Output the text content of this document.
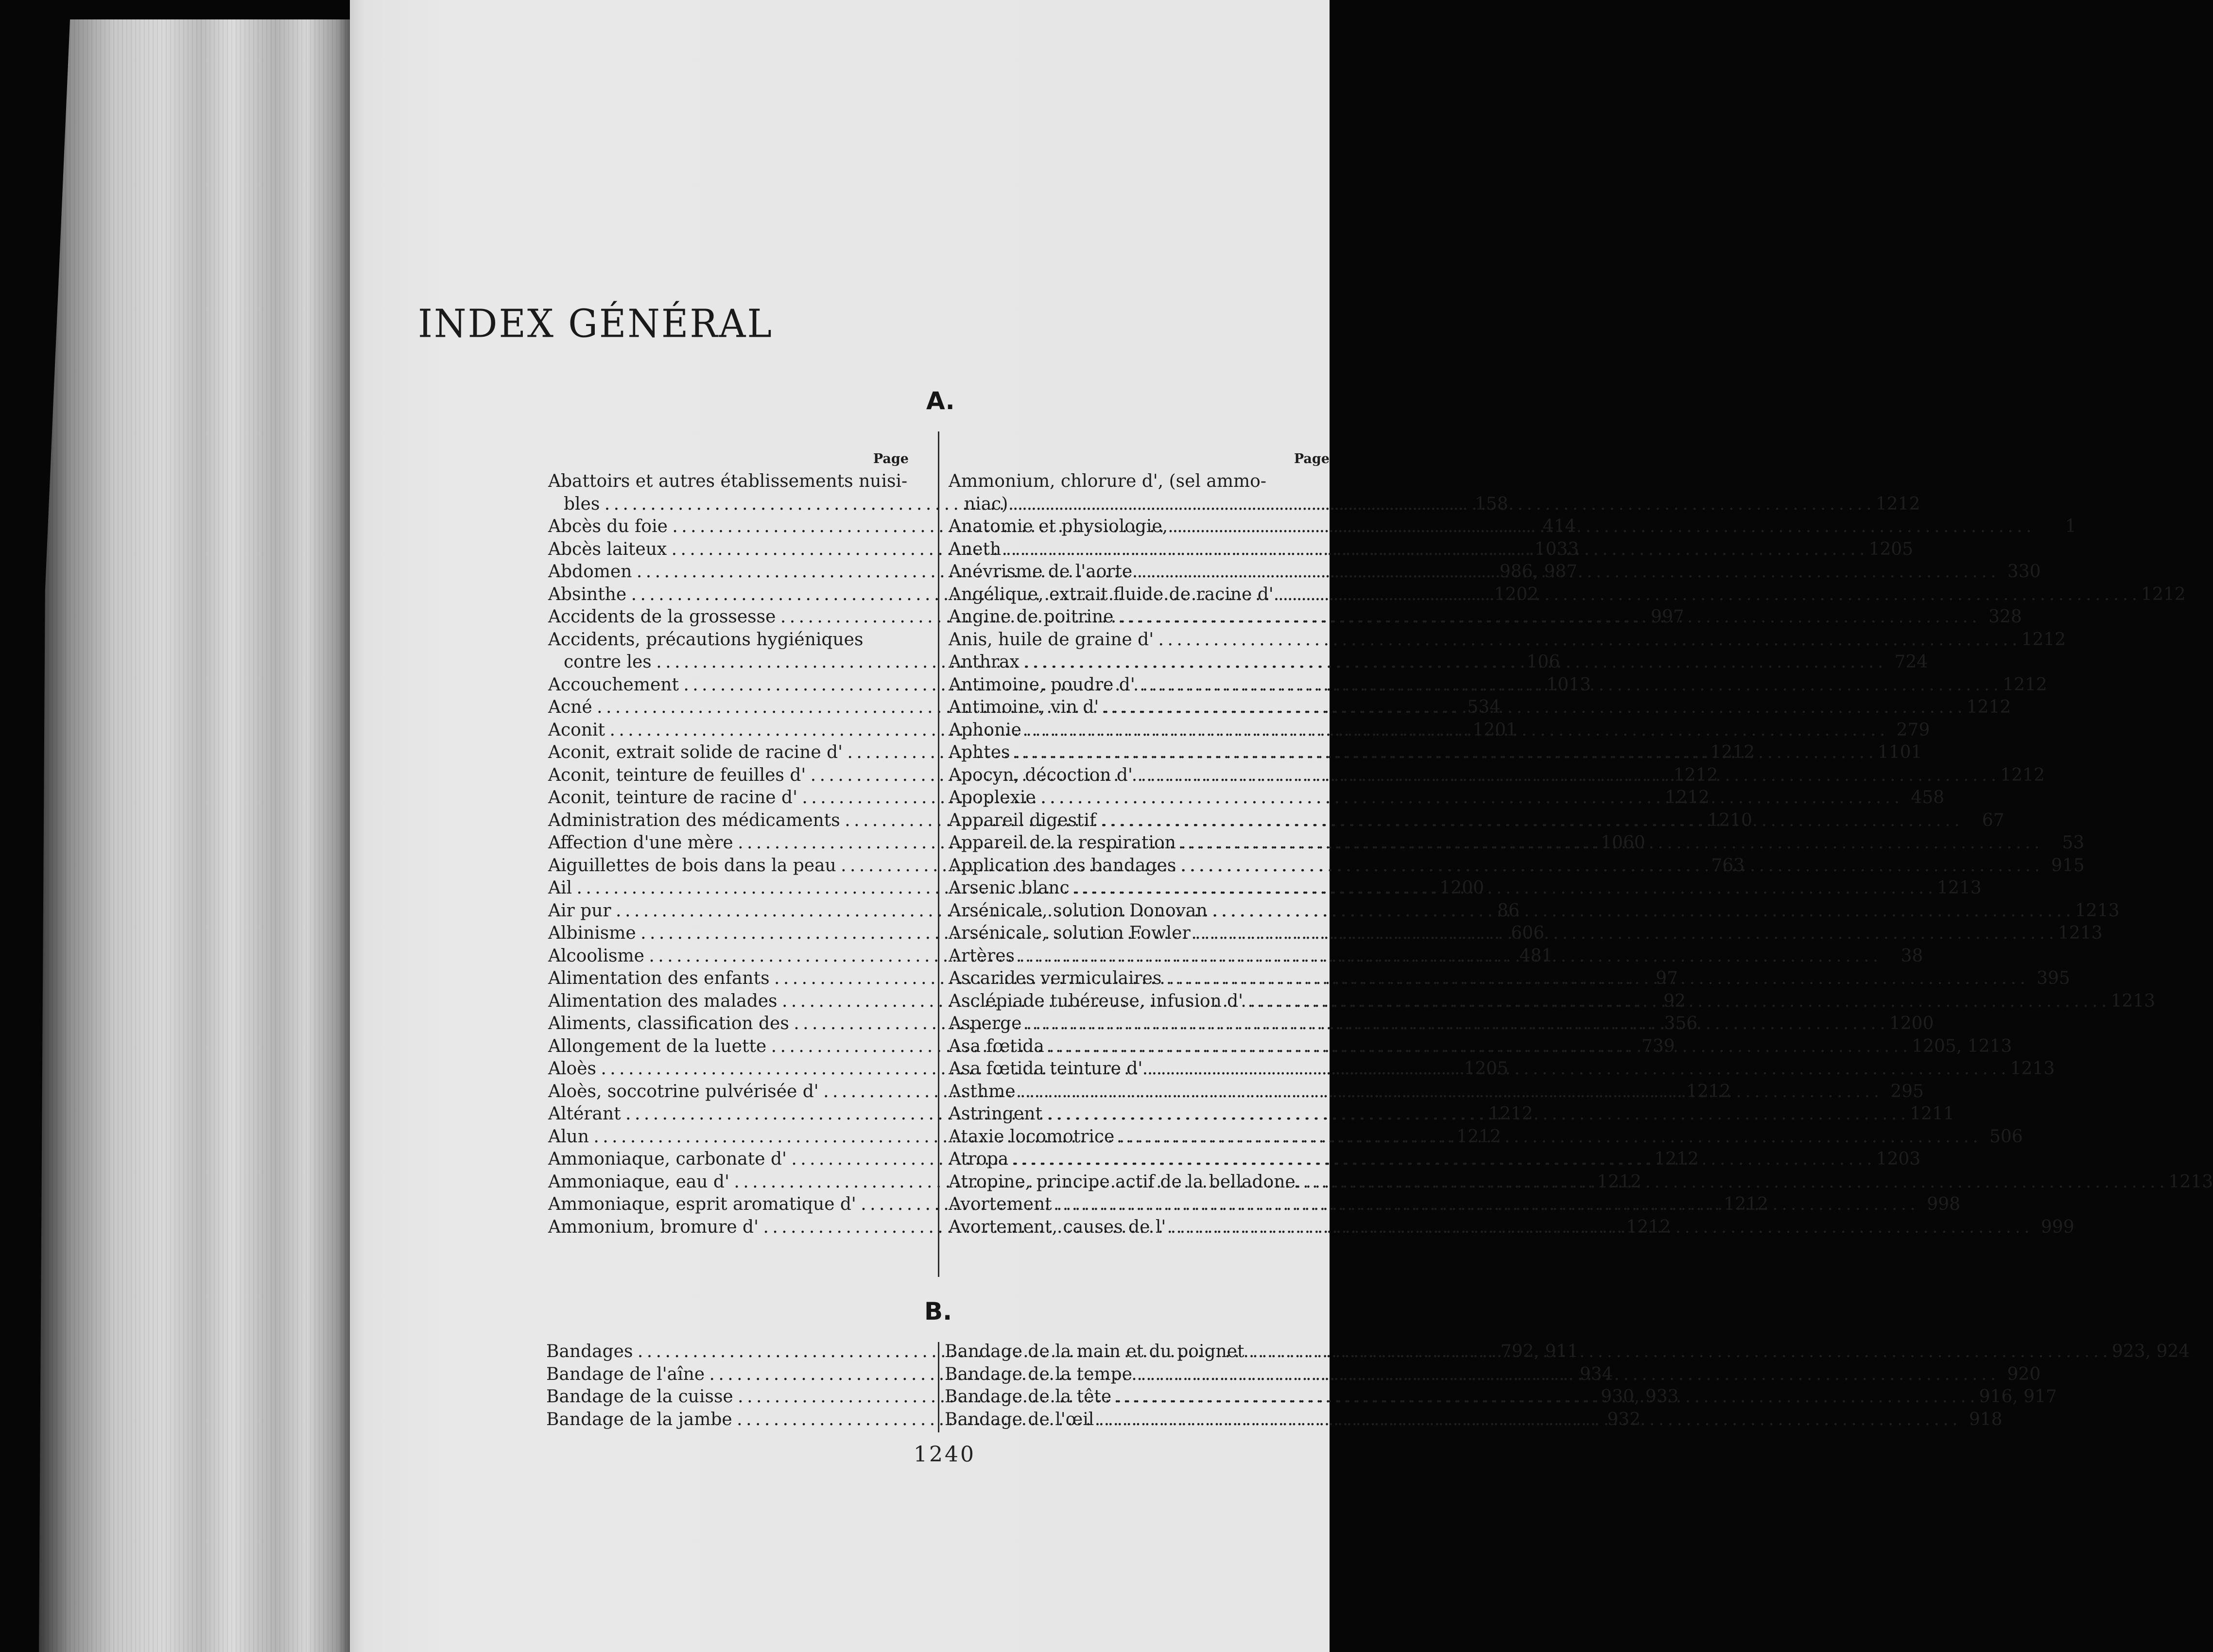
INDEX GÉNÉRAL
A.
Page
Abattoirs et autres établissements nuisi-
bles . . .	158
Abcès du foie . . .	414
Abcès laiteux . . .	1033
Abdomen . . .	986, 987
Absinthe . . .	1202
Accidents de la grossesse . . .	997
Accidents, précautions hygiéniques
contre les . . .	106
Accouchement . . .	1013
Acné . . .	534
Aconit . . .	1201
Aconit, extrait solide de racine d' . . .	1212
Aconit, teinture de feuilles d' . . .	1212
Aconit, teinture de racine d' . . .	1212
Administration des médicaments . . .	1210
Affection d'une mère . . .	1060
Aiguillettes de bois dans la peau . . .	763
Ail . . .	1200
Air pur . . .	86
Albinisme . . .	606
Alcoolisme . . .	481
Alimentation des enfants . . .	97
Alimentation des malades . . .	92
Aliments, classification des . . .	356
Allongement de la luette . . .	739
Aloès . . .	1205
Aloès, soccotrine pulvérisée d' . . .	1212
Altérant . . .	1212
Alun . . .	1212
Ammoniaque, carbonate d' . . .	1212
Ammoniaque, eau d' . . .	1212
Ammoniaque, esprit aromatique d' . . .	1212
Ammonium, bromure d' . . .	1212
Page
Ammonium, chlorure d', (sel ammo-
niac) . . .	1212
Anatomie et physiologie, . . .	1
Aneth . . .	1205
Anévrisme de l'aorte . . .	330
Angélique, extrait fluide de racine d' . . .	1212
Angine de poitrine . . .	328
Anis, huile de graine d' . . .	1212
Anthrax . . .	724
Antimoine, poudre d' . . .	1212
Antimoine, vin d' . . .	1212
Aphonie . . .	279
Aphtes . . .	1101
Apocyn, décoction d' . . .	1212
Apoplexie . . .	458
Appareil digestif . . .	67
Appareil de la respiration . . .	53
Application des bandages . . .	915
Arsenic blanc . . .	1213
Arsénicale, solution Donovan . . .	1213
Arsénicale, solution Fowler . . .	1213
Artères . . .	38
Ascarides vermiculaires . . .	395
Asclépiade tubéreuse, infusion d' . . .	1213
Asperge . . .	1200
Asa fœtida . . .	1205, 1213
Asa fœtida teinture d' . . .	1213
Asthme . . .	295
Astringent . . .	1211
Ataxie locomotrice . . .	506
Atropa . . .	1203
Atropine, principe actif de la belladone. . . .	1213
Avortement . . .	998
Avortement, causes de l' . . .	999
B.
Bandages . . .	792, 911
Bandage de l'aîne . . .	934
Bandage de la cuisse . . .	930, 933
Bandage de la jambe . . .	932
Bandage de la main et du poignet . . .	923, 924
Bandage de la tempe . . .	920
Bandage de la tête . . .	916, 917
Bandage de l'œil . . .	918
1240
